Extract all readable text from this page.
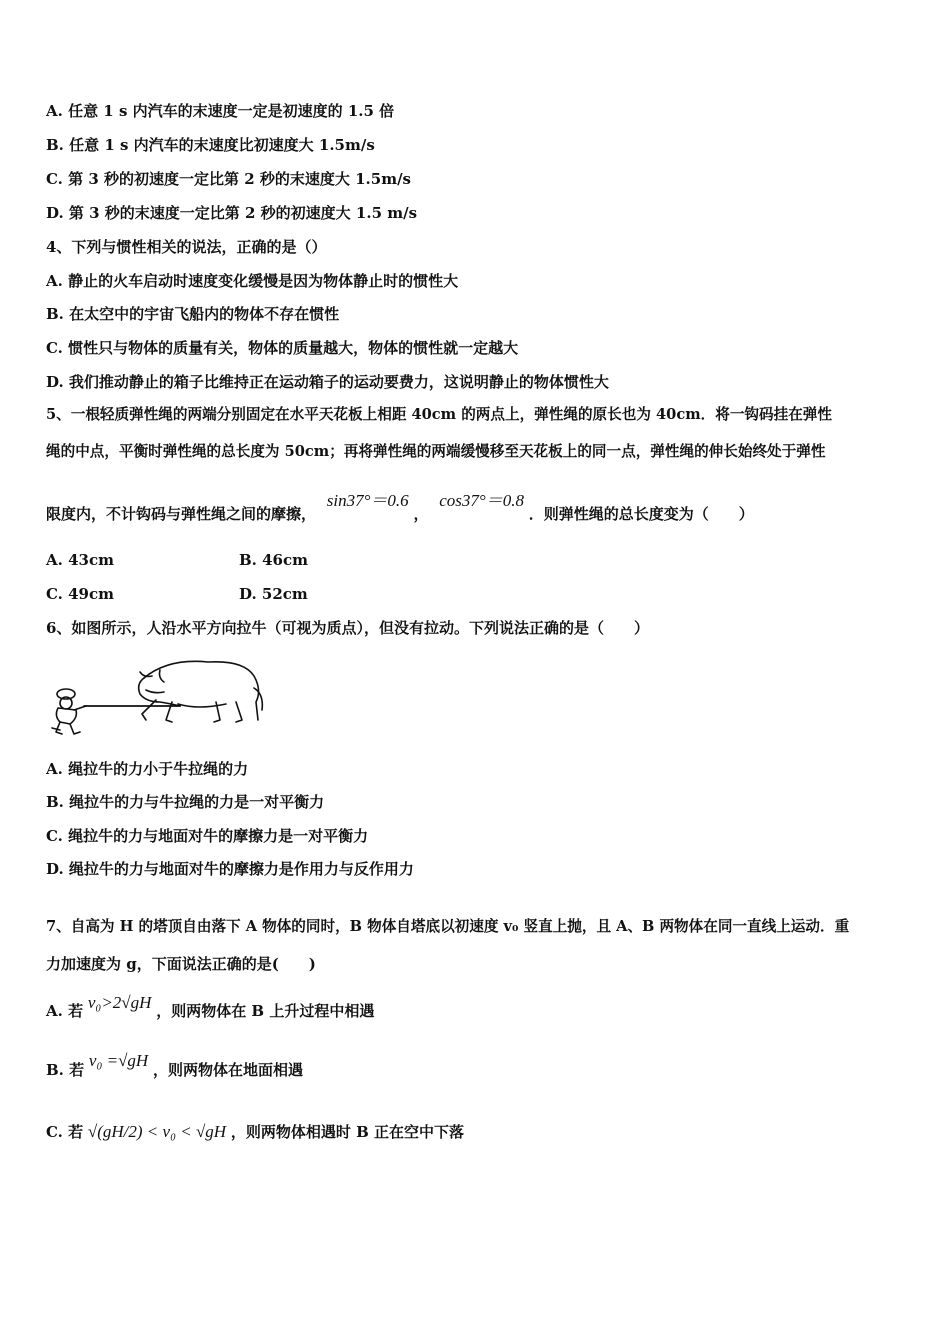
A. 任意 1 s 内汽车的末速度一定是初速度的 1.5 倍
B. 任意 1 s 内汽车的末速度比初速度大 1.5m/s
C. 第 3 秒的初速度一定比第 2 秒的末速度大 1.5m/s
D. 第 3 秒的末速度一定比第 2 秒的初速度大 1.5 m/s
4、下列与惯性相关的说法，正确的是（）
A. 静止的火车启动时速度变化缓慢是因为物体静止时的惯性大
B. 在太空中的宇宙飞船内的物体不存在惯性
C. 惯性只与物体的质量有关，物体的质量越大，物体的惯性就一定越大
D. 我们推动静止的箱子比维持正在运动箱子的运动要费力，这说明静止的物体惯性大
5、一根轻质弹性绳的两端分别固定在水平天花板上相距 40cm 的两点上，弹性绳的原长也为 40cm．将一钩码挂在弹性
绳的中点，平衡时弹性绳的总长度为 50cm；再将弹性绳的两端缓慢移至天花板上的同一点，弹性绳的伸长始终处于弹性
限度内，不计钩码与弹性绳之间的摩擦， sin37°＝0.6 ， cos37°＝0.8 ．则弹性绳的总长度变为（　　）
A. 43cm	B. 46cm
C. 49cm	D. 52cm
6、如图所示，人沿水平方向拉牛（可视为质点），但没有拉动。下列说法正确的是（　　）
A. 绳拉牛的力小于牛拉绳的力
B. 绳拉牛的力与牛拉绳的力是一对平衡力
C. 绳拉牛的力与地面对牛的摩擦力是一对平衡力
D. 绳拉牛的力与地面对牛的摩擦力是作用力与反作用力
7、自高为 H 的塔顶自由落下 A 物体的同时，B 物体自塔底以初速度 v₀ 竖直上抛，且 A、B 两物体在同一直线上运动．重
力加速度为 g，下面说法正确的是(　　)
A. 若 v₀>2√gH ，则两物体在 B 上升过程中相遇
B. 若 v₀ =√gH ，则两物体在地面相遇
C. 若 √(gH/2) < v₀ < √gH ，则两物体相遇时 B 正在空中下落
